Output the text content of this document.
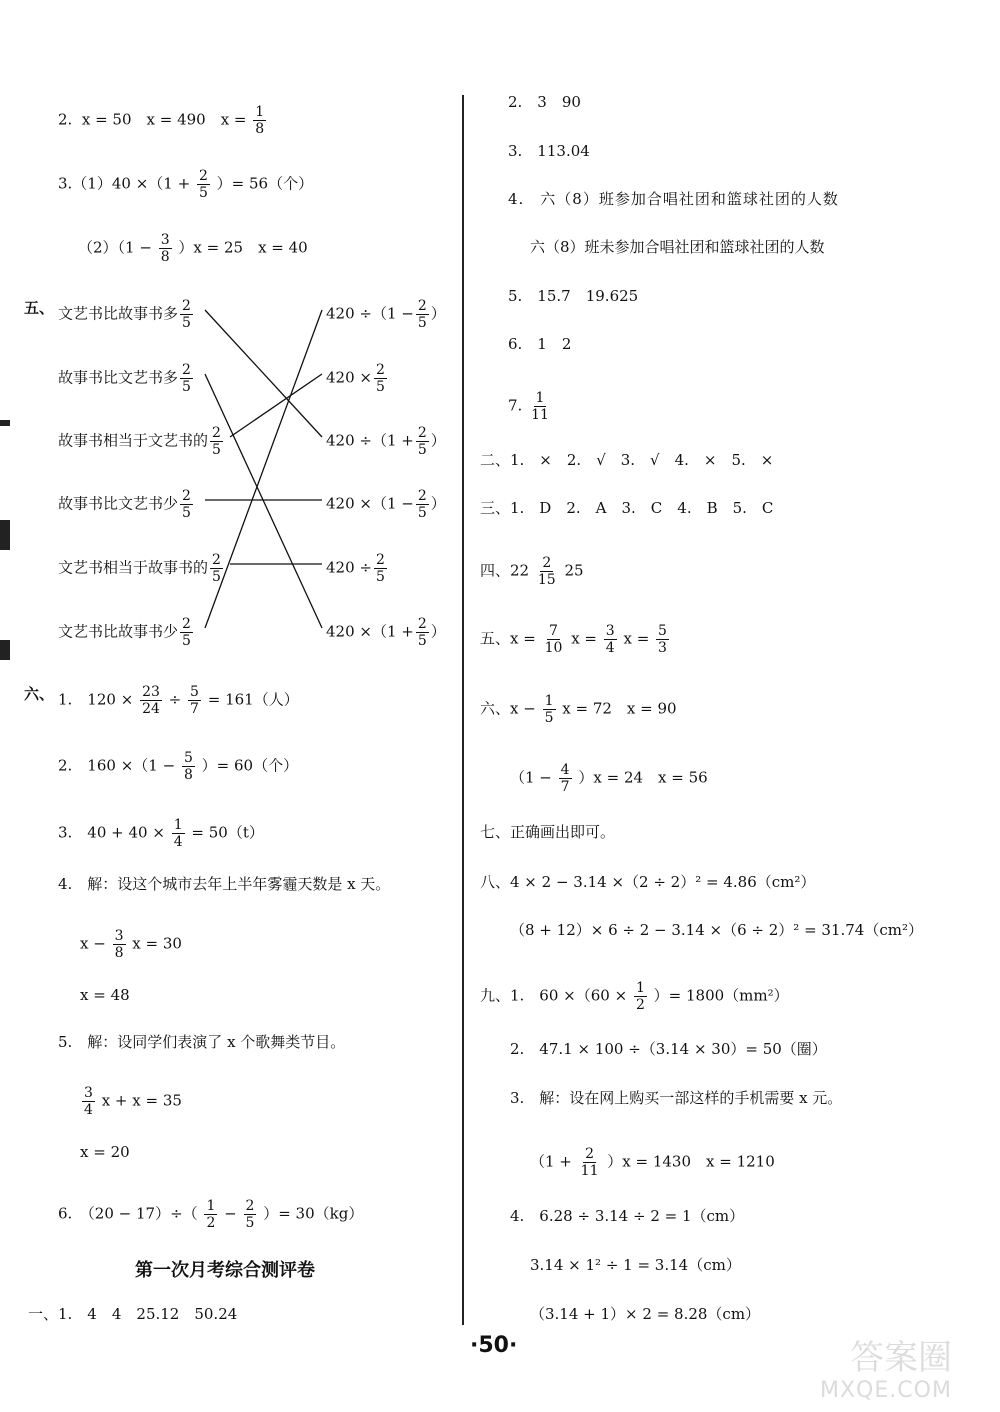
2. x = 50　x = 490　$x = \frac{1}{8}$
$3.(1)40 \times(1 + \frac{2}{5}$ ）= 56（个）
$(2)(1 - \frac{3}{8} )x = 25$　x = 40
五、 文艺书比故事书多 $\frac{2}{5}$
故事书比文艺书多 $\frac{2}{5}$
故事书相当于文艺书的 $\frac{2}{5}$
故事书比文艺书少 $\frac{2}{5}$
文艺书相当于故事书的 $\frac{2}{5}$
文艺书比故事书少 $\frac{2}{5}$
$420 \div(1 - \frac{2}{5}$ ）
$420 \times \frac{2}{5}$
$420 \div(1 + \frac{2}{5}$ ）
$420 \times(1 - \frac{2}{5}$ ）
$420 \div \frac{2}{5}$
$420 \times(1 + \frac{2}{5}$ ）
六、 1.　$120 \times \frac{23}{24} \div \frac{5}{7} = 161$（人）
2.　$160 \times(1 - \frac{5}{8}$ ）= 60（个）
3.　$40 + 40 \times \frac{1}{4} = 50(t)$
4.　解：设这个城市去年上半年雾霾天数是 x 天。
$x - \frac{3}{8}$ x = 30
x = 48
5.　解：设同学们表演了 x 个歌舞类节目。
$\frac{3}{4}$ x + x = 35
x = 20
6.　$(20 - 17)\div( \frac{1}{2} - \frac{2}{5}$ ）= 30（kg）
第一次月考综合测评卷
一、1.　4　4　25.12　50.24
2.　3　90
3.　113.04
4.　六（8）班参加合唱社团和篮球社团的人数
六（8）班未参加合唱社团和篮球社团的人数
5.　15.7　19.625
6.　1　2
7. $\frac{1}{11}$
二、1.　×　2.　√　3.　√　4.　×　5.　×
三、1.　D　2.　A　3.　C　4.　B　5.　C
四、$22 \frac{2}{15} 25$
五、$x = \frac{7}{10}$ $x = \frac{3}{4}$ $x = \frac{5}{3}$
六、$x - \frac{1}{5}$ x = 72　x = 90
$(1 - \frac{4}{7} )x = 24$　x = 56
七、正确画出即可。
八、4 × 2 − 3.14 ×（2 ÷ 2）² = 4.86（cm²）
（8 + 12）× 6 ÷ 2 − 3.14 ×（6 ÷ 2）² = 31.74（cm²）
九、1.　$60 \times(60 \times \frac{1}{2}$ ）= 1800（mm²）
2.　47.1 × 100 ÷（3.14 × 30）= 50（圈）
3.　解：设在网上购买一部这样的手机需要 x 元。
$(1 + \frac{2}{11} )x = 1430$　x = 1210
4.　6.28 ÷ 3.14 ÷ 2 = 1（cm）
3.14 × 1² ÷ 1 = 3.14（cm）
（3.14 + 1）× 2 = 8.28（cm）
·50·	答案圈
MXQE.COM
